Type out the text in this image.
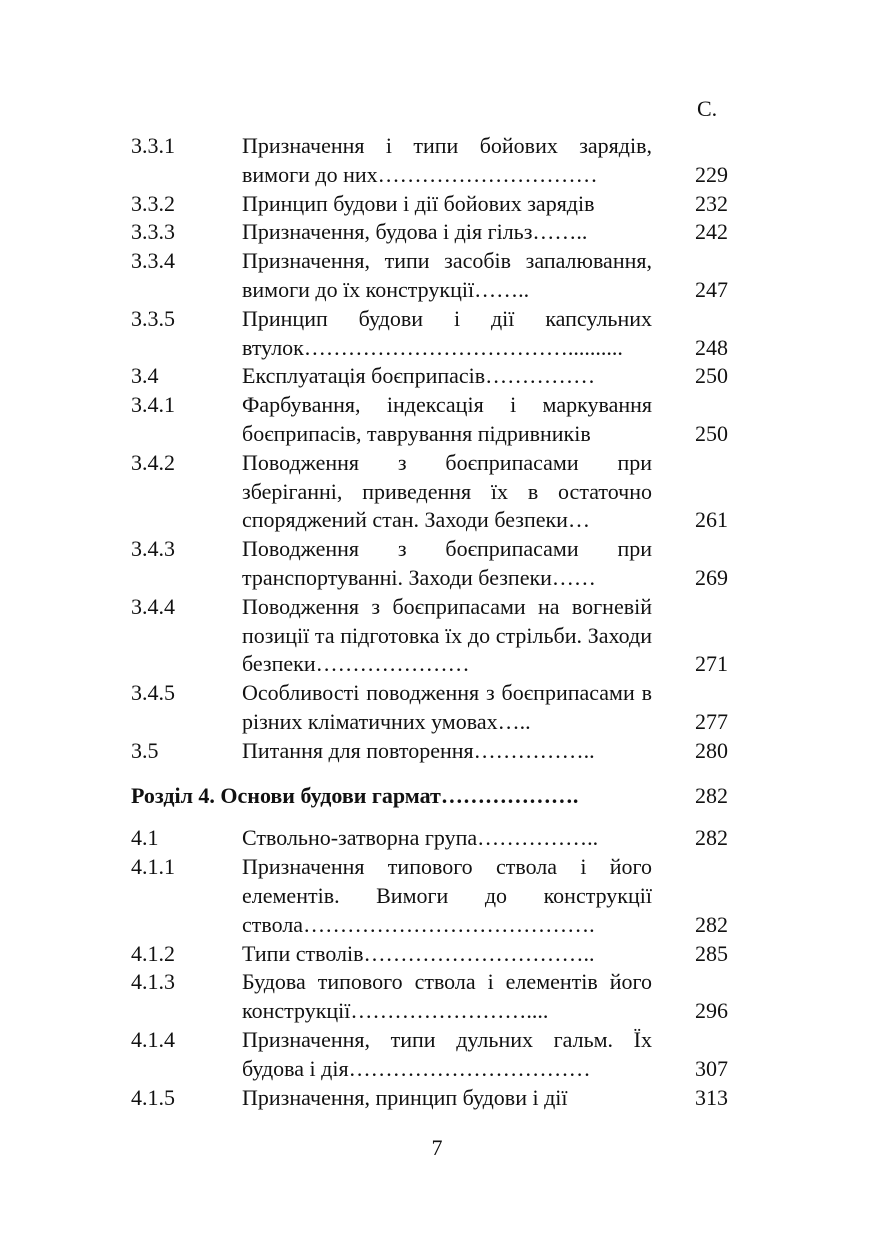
С.
3.3.1	Призначення і типи бойових зарядів, вимоги до них…………………………	229
3.3.2	Принцип будови і дії бойових зарядів	232
3.3.3	Призначення, будова і дія гільз……..	242
3.3.4	Призначення, типи засобів запалювання, вимоги до їх конструкції……..	247
3.3.5	Принцип будови і дії капсульних втулок………………………………..........	248
3.4	Експлуатація боєприпасів……………	250
3.4.1	Фарбування, індексація і маркування боєприпасів, таврування підривників	250
3.4.2	Поводження з боєприпасами при зберіганні, приведення їх в остаточно споряджений стан. Заходи безпеки…	261
3.4.3	Поводження з боєприпасами при транспортуванні. Заходи безпеки……	269
3.4.4	Поводження з боєприпасами на вогневій позиції та підготовка їх до стрільби. Заходи безпеки…………………	271
3.4.5	Особливості поводження з боєприпасами в різних кліматичних умовах…..	277
3.5	Питання для повторення……………..	280
Розділ 4. Основи будови гармат……………….	282
4.1	Ствольно-затворна група……………..	282
4.1.1	Призначення типового ствола і його елементів. Вимоги до конструкції ствола………………………………….	282
4.1.2	Типи стволів…………………………..	285
4.1.3	Будова типового ствола і елементів його конструкції……………………....	296
4.1.4	Призначення, типи дульних гальм. Їх будова і дія……………………………	307
4.1.5	Призначення, принцип будови і дії	313
7
